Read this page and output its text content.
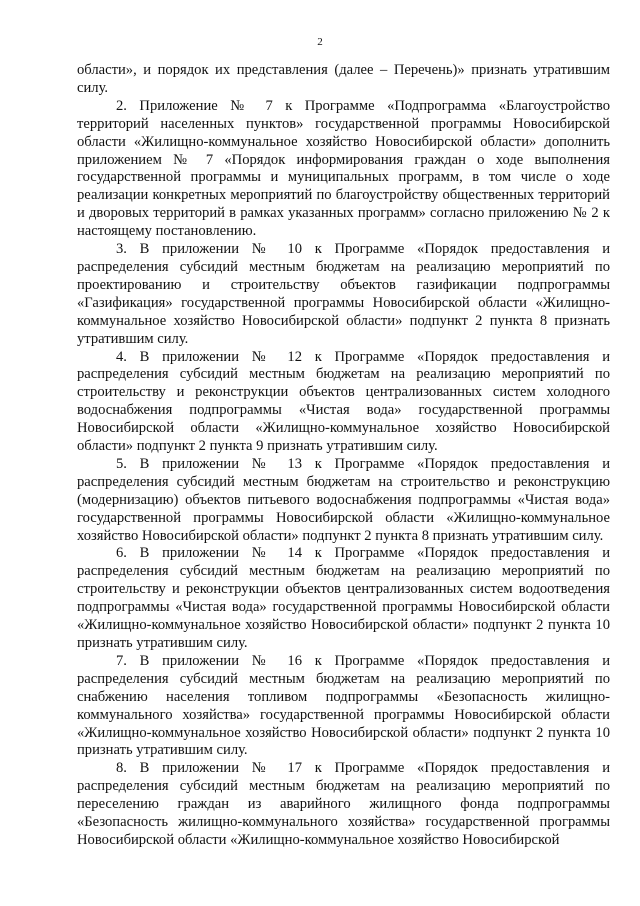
2

области», и порядок их представления (далее – Перечень)» признать утратившим силу.

2. Приложение № 7 к Программе «Подпрограмма «Благоустройство территорий населенных пунктов» государственной программы Новосибирской области «Жилищно-коммунальное хозяйство Новосибирской области» дополнить приложением № 7 «Порядок информирования граждан о ходе выполнения государственной программы и муниципальных программ, в том числе о ходе реализации конкретных мероприятий по благоустройству общественных территорий и дворовых территорий в рамках указанных программ» согласно приложению № 2 к настоящему постановлению.

3. В приложении № 10 к Программе «Порядок предоставления и распределения субсидий местным бюджетам на реализацию мероприятий по проектированию и строительству объектов газификации подпрограммы «Газификация» государственной программы Новосибирской области «Жилищно-коммунальное хозяйство Новосибирской области» подпункт 2 пункта 8 признать утратившим силу.

4. В приложении № 12 к Программе «Порядок предоставления и распределения субсидий местным бюджетам на реализацию мероприятий по строительству и реконструкции объектов централизованных систем холодного водоснабжения подпрограммы «Чистая вода» государственной программы Новосибирской области «Жилищно-коммунальное хозяйство Новосибирской области» подпункт 2 пункта 9 признать утратившим силу.

5. В приложении № 13 к Программе «Порядок предоставления и распределения субсидий местным бюджетам на строительство и реконструкцию (модернизацию) объектов питьевого водоснабжения подпрограммы «Чистая вода» государственной программы Новосибирской области «Жилищно-коммунальное хозяйство Новосибирской области» подпункт 2 пункта 8 признать утратившим силу.

6. В приложении № 14 к Программе «Порядок предоставления и распределения субсидий местным бюджетам на реализацию мероприятий по строительству и реконструкции объектов централизованных систем водоотведения подпрограммы «Чистая вода» государственной программы Новосибирской области «Жилищно-коммунальное хозяйство Новосибирской области» подпункт 2 пункта 10 признать утратившим силу.

7. В приложении № 16 к Программе «Порядок предоставления и распределения субсидий местным бюджетам на реализацию мероприятий по снабжению населения топливом подпрограммы «Безопасность жилищно-коммунального хозяйства» государственной программы Новосибирской области «Жилищно-коммунальное хозяйство Новосибирской области» подпункт 2 пункта 10 признать утратившим силу.

8. В приложении № 17 к Программе «Порядок предоставления и распределения субсидий местным бюджетам на реализацию мероприятий по переселению граждан из аварийного жилищного фонда подпрограммы «Безопасность жилищно-коммунального хозяйства» государственной программы Новосибирской области «Жилищно-коммунальное хозяйство Новосибирской
